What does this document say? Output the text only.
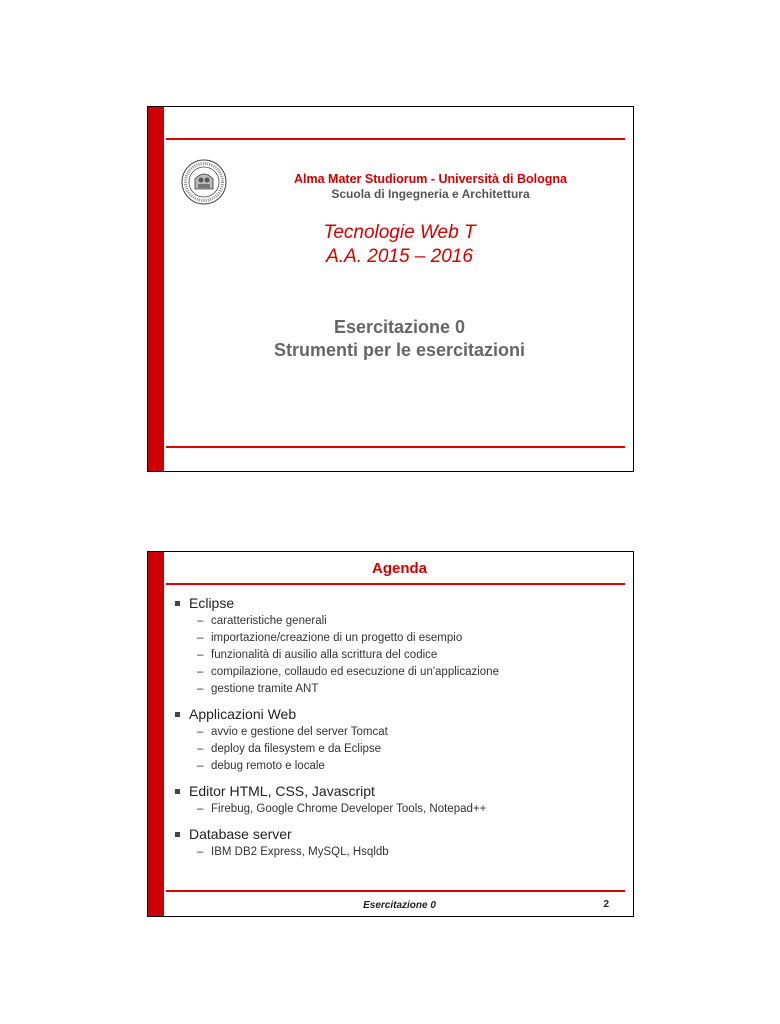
Alma Mater Studiorum - Università di Bologna
Scuola di Ingegneria e Architettura
Tecnologie Web T
A.A. 2015 – 2016
Esercitazione 0
Strumenti per le esercitazioni
Agenda
Eclipse
– caratteristiche generali
– importazione/creazione di un progetto di esempio
– funzionalità di ausilio alla scrittura del codice
– compilazione, collaudo ed esecuzione di un'applicazione
– gestione tramite ANT
Applicazioni Web
– avvio e gestione del server Tomcat
– deploy da filesystem e da Eclipse
– debug remoto e locale
Editor HTML, CSS, Javascript
– Firebug, Google Chrome Developer Tools, Notepad++
Database server
– IBM DB2 Express, MySQL, Hsqldb
Esercitazione 0	2
